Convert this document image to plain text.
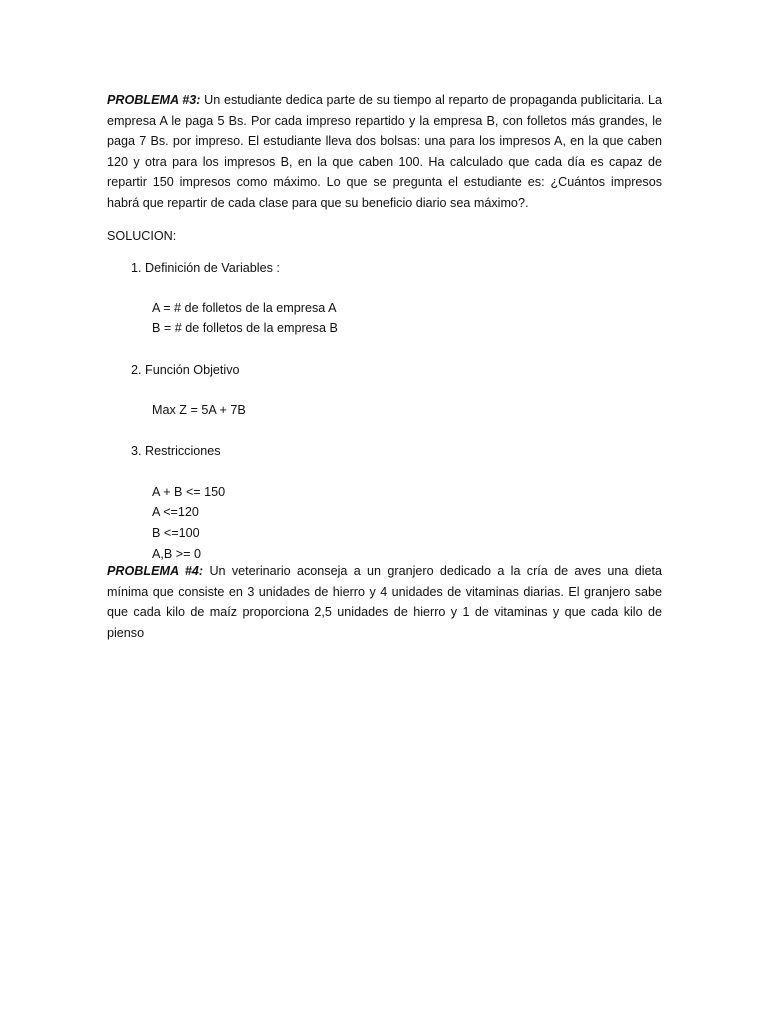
PROBLEMA #3: Un estudiante dedica parte de su tiempo al reparto de propaganda publicitaria. La empresa A le paga 5 Bs. Por cada impreso repartido y la empresa B, con folletos más grandes, le paga 7 Bs. por impreso. El estudiante lleva dos bolsas: una para los impresos A, en la que caben 120 y otra para los impresos B, en la que caben 100. Ha calculado que cada día es capaz de repartir 150 impresos como máximo. Lo que se pregunta el estudiante es: ¿Cuántos impresos habrá que repartir de cada clase para que su beneficio diario sea máximo?.

SOLUCION:

1. Definición de Variables :

A = # de folletos de la empresa A

B = # de folletos de la empresa B

2. Función Objetivo

Max Z = 5A + 7B

3. Restricciones

A + B <= 150

A <=120

B <=100

A,B >= 0

PROBLEMA #4: Un veterinario aconseja a un granjero dedicado a la cría de aves una dieta mínima que consiste en 3 unidades de hierro y 4 unidades de vitaminas diarias. El granjero sabe que cada kilo de maíz proporciona 2,5 unidades de hierro y 1 de vitaminas y que cada kilo de pienso
